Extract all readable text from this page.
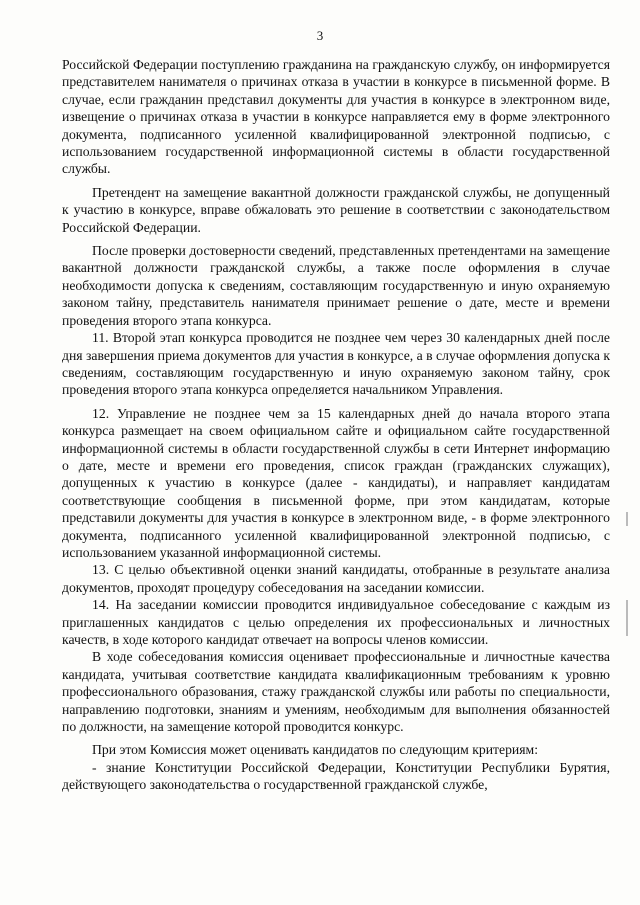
3

Российской Федерации поступлению гражданина на гражданскую службу, он информируется представителем нанимателя о причинах отказа в участии в конкурсе в письменной форме. В случае, если гражданин представил документы для участия в конкурсе в электронном виде, извещение о причинах отказа в участии в конкурсе направляется ему в форме электронного документа, подписанного усиленной квалифицированной электронной подписью, с использованием государственной информационной системы в области государственной службы.

Претендент на замещение вакантной должности гражданской службы, не допущенный к участию в конкурсе, вправе обжаловать это решение в соответствии с законодательством Российской Федерации.

После проверки достоверности сведений, представленных претендентами на замещение вакантной должности гражданской службы, а также после оформления в случае необходимости допуска к сведениям, составляющим государственную и иную охраняемую законом тайну, представитель нанимателя принимает решение о дате, месте и времени проведения второго этапа конкурса.

11. Второй этап конкурса проводится не позднее чем через 30 календарных дней после дня завершения приема документов для участия в конкурсе, а в случае оформления допуска к сведениям, составляющим государственную и иную охраняемую законом тайну, срок проведения второго этапа конкурса определяется начальником Управления.

12. Управление не позднее чем за 15 календарных дней до начала второго этапа конкурса размещает на своем официальном сайте и официальном сайте государственной информационной системы в области государственной службы в сети Интернет информацию о дате, месте и времени его проведения, список граждан (гражданских служащих), допущенных к участию в конкурсе (далее - кандидаты), и направляет кандидатам соответствующие сообщения в письменной форме, при этом кандидатам, которые представили документы для участия в конкурсе в электронном виде, - в форме электронного документа, подписанного усиленной квалифицированной электронной подписью, с использованием указанной информационной системы.

13. С целью объективной оценки знаний кандидаты, отобранные в результате анализа документов, проходят процедуру собеседования на заседании комиссии.

14. На заседании комиссии проводится индивидуальное собеседование с каждым из приглашенных кандидатов с целью определения их профессиональных и личностных качеств, в ходе которого кандидат отвечает на вопросы членов комиссии.

В ходе собеседования комиссия оценивает профессиональные и личностные качества кандидата, учитывая соответствие кандидата квалификационным требованиям к уровню профессионального образования, стажу гражданской службы или работы по специальности, направлению подготовки, знаниям и умениям, необходимым для выполнения обязанностей по должности, на замещение которой проводится конкурс.

При этом Комиссия может оценивать кандидатов по следующим критериям:

- знание Конституции Российской Федерации, Конституции Республики Бурятия, действующего законодательства о государственной гражданской службе,
